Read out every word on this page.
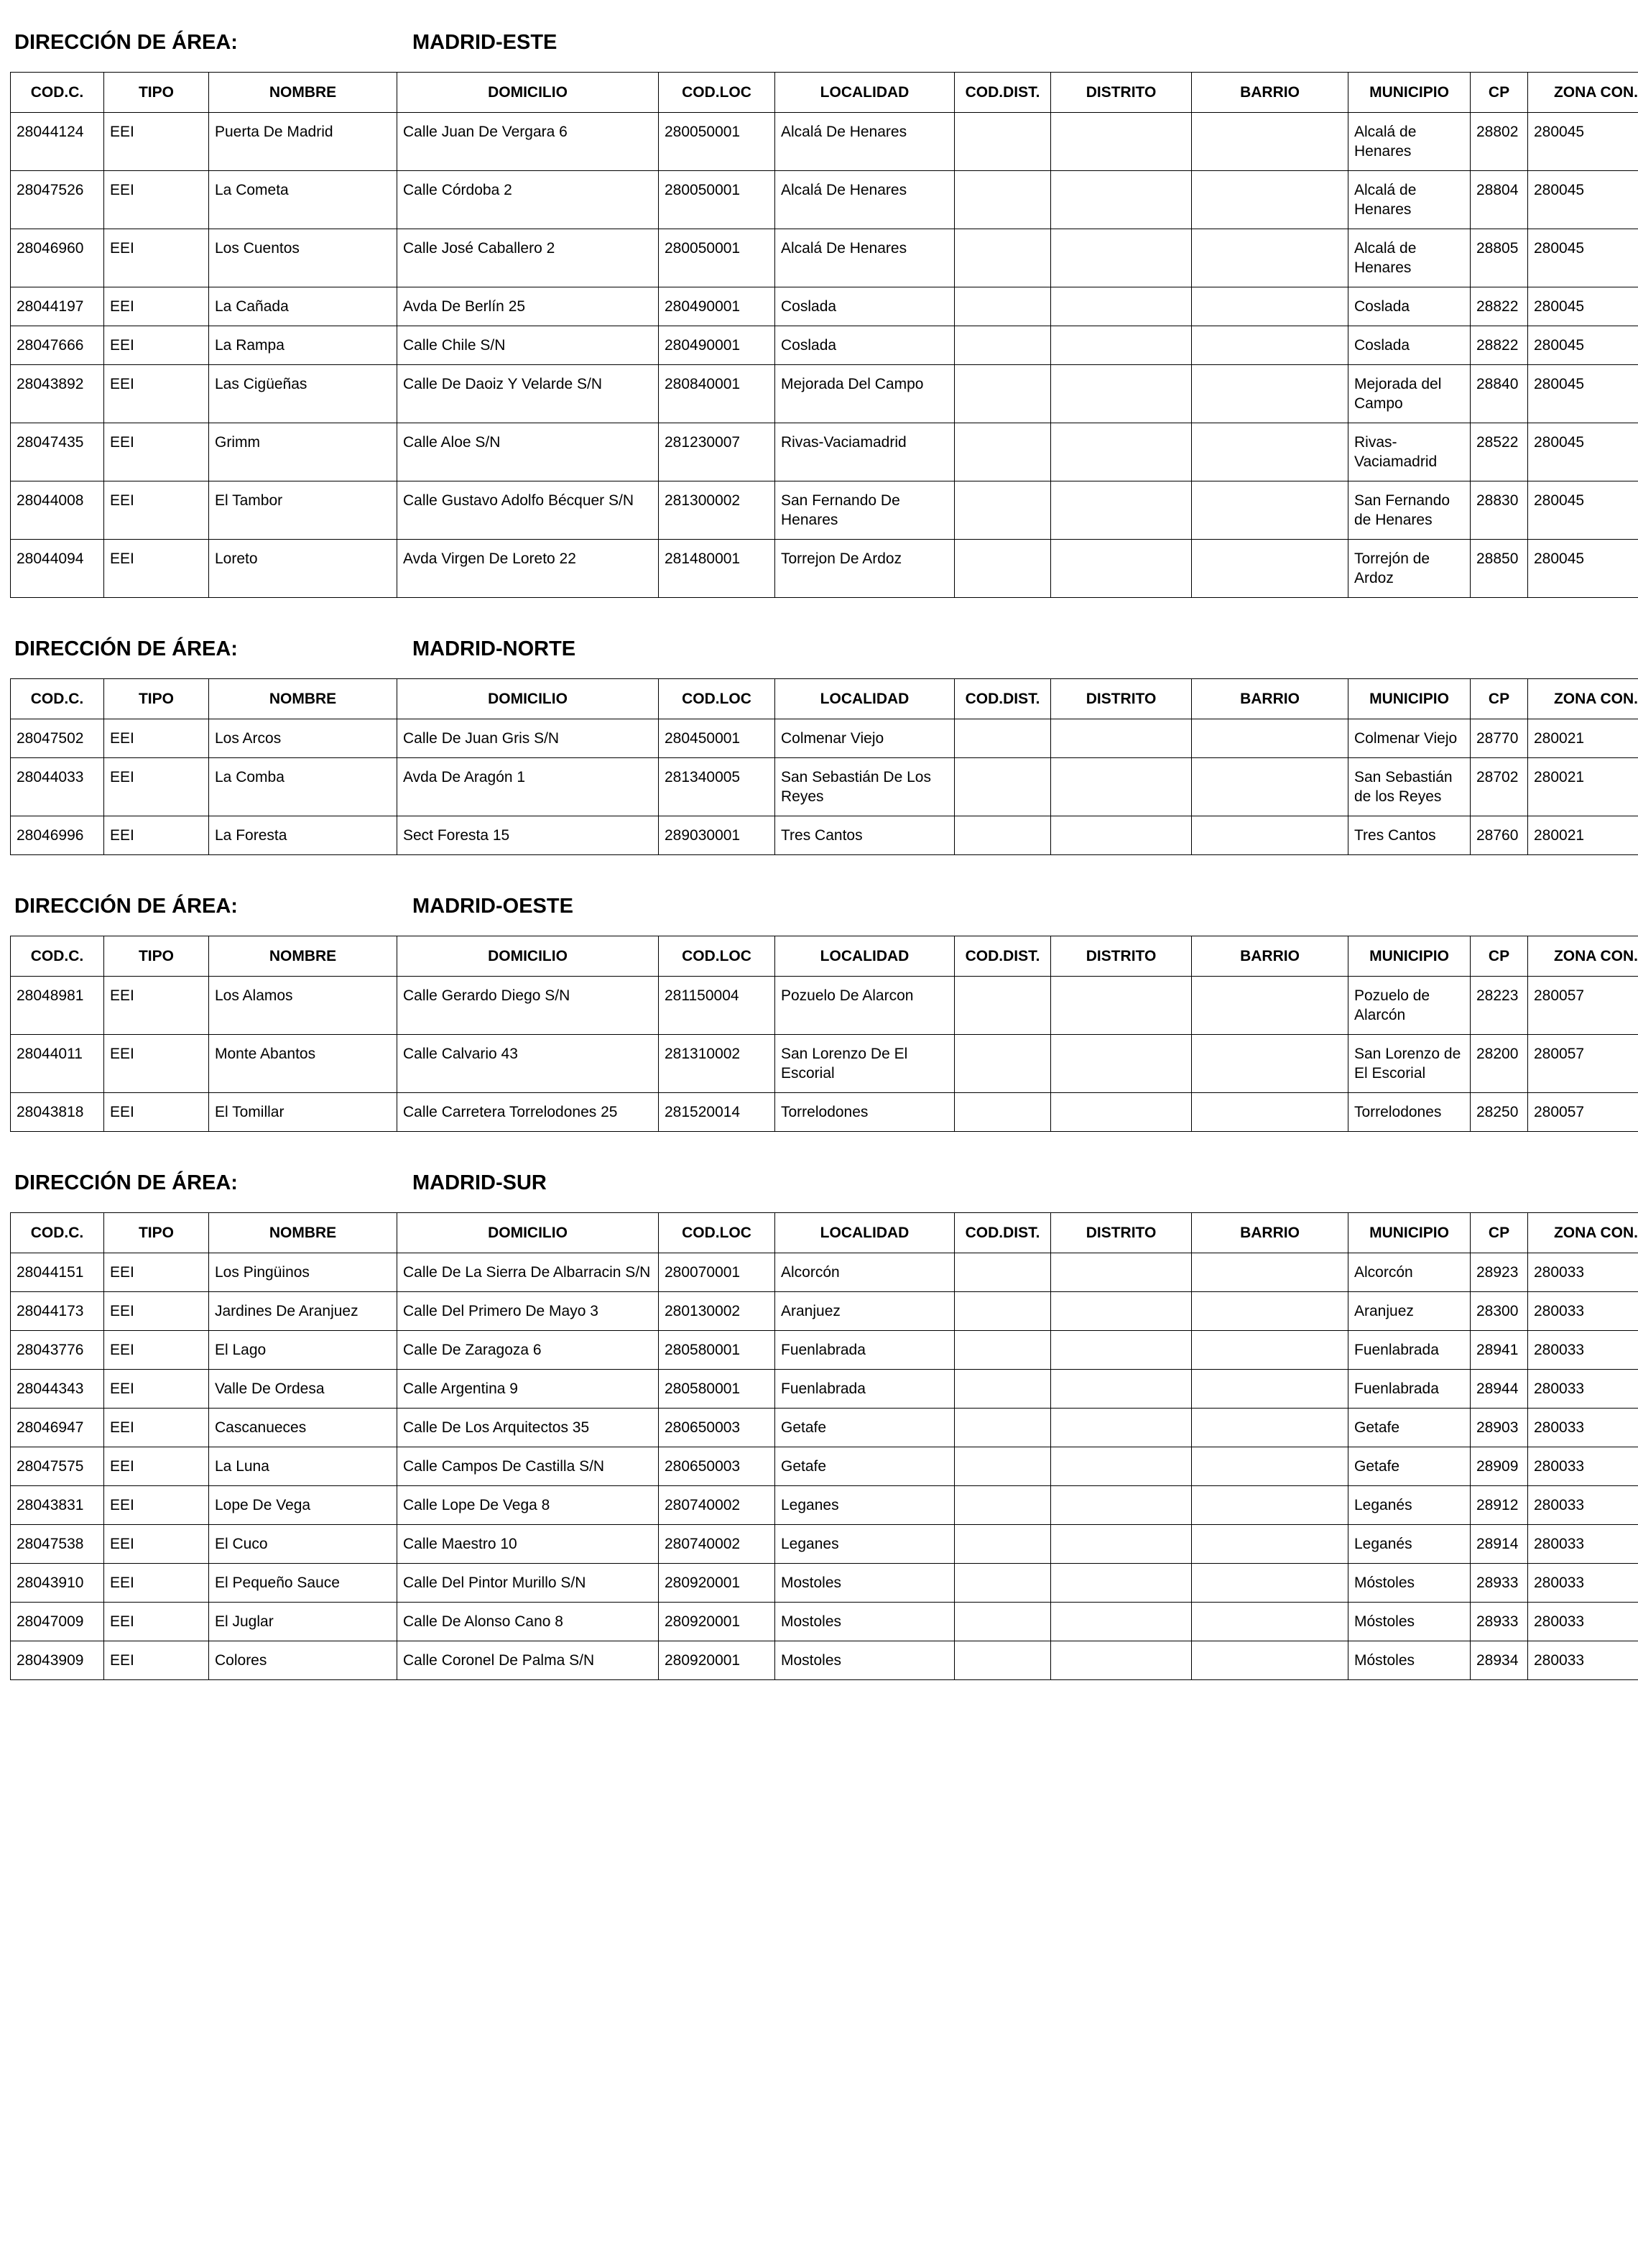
DIRECCIÓN DE ÁREA:	MADRID-ESTE
COD.C.	TIPO	NOMBRE	DOMICILIO	COD.LOC	LOCALIDAD	COD.DIST.	DISTRITO	BARRIO	MUNICIPIO	CP	ZONA CON.
28044124	EEI	Puerta De Madrid	Calle Juan De Vergara 6	280050001	Alcalá De Henares				Alcalá de Henares	28802	280045
28047526	EEI	La Cometa	Calle Córdoba 2	280050001	Alcalá De Henares				Alcalá de Henares	28804	280045
28046960	EEI	Los Cuentos	Calle José Caballero 2	280050001	Alcalá De Henares				Alcalá de Henares	28805	280045
28044197	EEI	La Cañada	Avda De Berlín 25	280490001	Coslada				Coslada	28822	280045
28047666	EEI	La Rampa	Calle Chile S/N	280490001	Coslada				Coslada	28822	280045
28043892	EEI	Las Cigüeñas	Calle De Daoiz Y Velarde S/N	280840001	Mejorada Del Campo				Mejorada del Campo	28840	280045
28047435	EEI	Grimm	Calle Aloe S/N	281230007	Rivas-Vaciamadrid				Rivas-Vaciamadrid	28522	280045
28044008	EEI	El Tambor	Calle Gustavo Adolfo Bécquer S/N	281300002	San Fernando De Henares				San Fernando de Henares	28830	280045
28044094	EEI	Loreto	Avda Virgen De Loreto 22	281480001	Torrejon De Ardoz				Torrejón de Ardoz	28850	280045
DIRECCIÓN DE ÁREA:	MADRID-NORTE
COD.C.	TIPO	NOMBRE	DOMICILIO	COD.LOC	LOCALIDAD	COD.DIST.	DISTRITO	BARRIO	MUNICIPIO	CP	ZONA CON.
28047502	EEI	Los Arcos	Calle De Juan Gris S/N	280450001	Colmenar Viejo				Colmenar Viejo	28770	280021
28044033	EEI	La Comba	Avda De Aragón 1	281340005	San Sebastián De Los Reyes				San Sebastián de los Reyes	28702	280021
28046996	EEI	La Foresta	Sect Foresta 15	289030001	Tres Cantos				Tres Cantos	28760	280021
DIRECCIÓN DE ÁREA:	MADRID-OESTE
COD.C.	TIPO	NOMBRE	DOMICILIO	COD.LOC	LOCALIDAD	COD.DIST.	DISTRITO	BARRIO	MUNICIPIO	CP	ZONA CON.
28048981	EEI	Los Alamos	Calle Gerardo Diego S/N	281150004	Pozuelo De Alarcon				Pozuelo de Alarcón	28223	280057
28044011	EEI	Monte Abantos	Calle Calvario 43	281310002	San Lorenzo De El Escorial				San Lorenzo de El Escorial	28200	280057
28043818	EEI	El Tomillar	Calle Carretera Torrelodones 25	281520014	Torrelodones				Torrelodones	28250	280057
DIRECCIÓN DE ÁREA:	MADRID-SUR
COD.C.	TIPO	NOMBRE	DOMICILIO	COD.LOC	LOCALIDAD	COD.DIST.	DISTRITO	BARRIO	MUNICIPIO	CP	ZONA CON.
28044151	EEI	Los Pingüinos	Calle De La Sierra De Albarracin S/N	280070001	Alcorcón				Alcorcón	28923	280033
28044173	EEI	Jardines De Aranjuez	Calle Del Primero De Mayo 3	280130002	Aranjuez				Aranjuez	28300	280033
28043776	EEI	El Lago	Calle De Zaragoza 6	280580001	Fuenlabrada				Fuenlabrada	28941	280033
28044343	EEI	Valle De Ordesa	Calle Argentina 9	280580001	Fuenlabrada				Fuenlabrada	28944	280033
28046947	EEI	Cascanueces	Calle De Los Arquitectos 35	280650003	Getafe				Getafe	28903	280033
28047575	EEI	La Luna	Calle Campos De Castilla S/N	280650003	Getafe				Getafe	28909	280033
28043831	EEI	Lope De Vega	Calle Lope De Vega 8	280740002	Leganes				Leganés	28912	280033
28047538	EEI	El Cuco	Calle Maestro 10	280740002	Leganes				Leganés	28914	280033
28043910	EEI	El Pequeño Sauce	Calle Del Pintor Murillo S/N	280920001	Mostoles				Móstoles	28933	280033
28047009	EEI	El Juglar	Calle De Alonso Cano 8	280920001	Mostoles				Móstoles	28933	280033
28043909	EEI	Colores	Calle Coronel De Palma S/N	280920001	Mostoles				Móstoles	28934	280033
